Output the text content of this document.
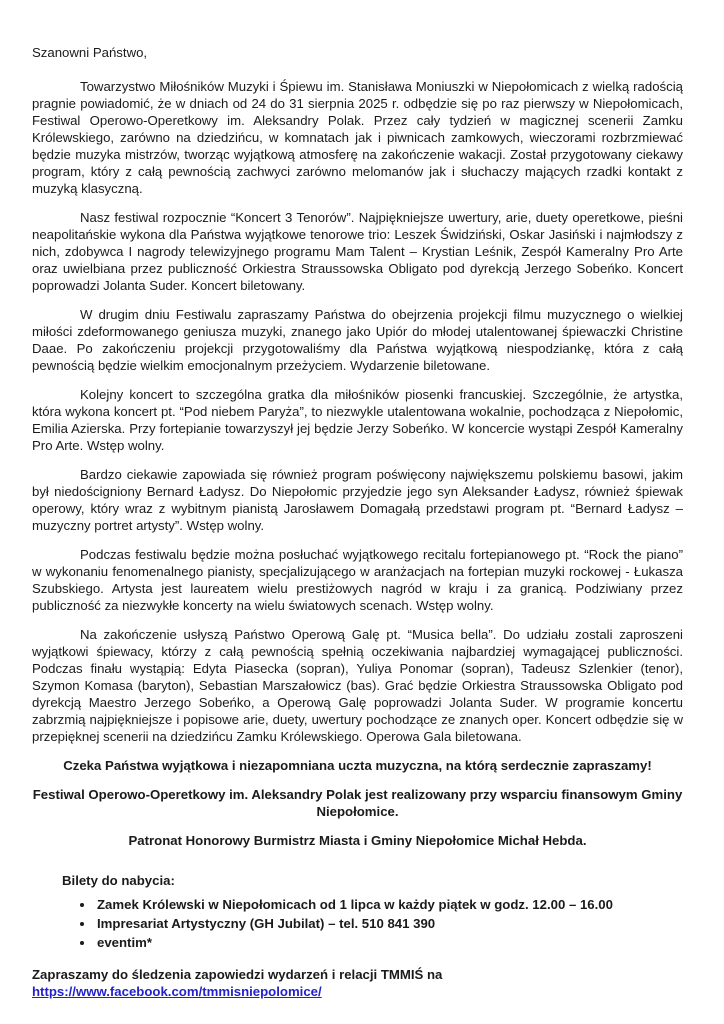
Szanowni Państwo,

Towarzystwo Miłośników Muzyki i Śpiewu im. Stanisława Moniuszki w Niepołomicach z wielką radością pragnie powiadomić, że w dniach od 24 do 31 sierpnia 2025 r. odbędzie się po raz pierwszy w Niepołomicach, Festiwal Operowo-Operetkowy im. Aleksandry Polak. Przez cały tydzień w magicznej scenerii Zamku Królewskiego, zarówno na dziedzińcu, w komnatach jak i piwnicach zamkowych, wieczorami rozbrzmiewać będzie muzyka mistrzów, tworząc wyjątkową atmosferę na zakończenie wakacji. Został przygotowany ciekawy program, który z całą pewnością zachwyci zarówno melomanów jak i słuchaczy mających rzadki kontakt z muzyką klasyczną.

Nasz festiwal rozpocznie “Koncert 3 Tenorów”. Najpiękniejsze uwertury, arie, duety operetkowe, pieśni neapolitańskie wykona dla Państwa wyjątkowe tenorowe trio: Leszek Świdziński, Oskar Jasiński i najmłodszy z nich, zdobywca I nagrody telewizyjnego programu Mam Talent – Krystian Leśnik, Zespół Kameralny Pro Arte oraz uwielbiana przez publiczność Orkiestra Straussowska Obligato pod dyrekcją Jerzego Sobeńko. Koncert poprowadzi Jolanta Suder. Koncert biletowany.

W drugim dniu Festiwalu zapraszamy Państwa do obejrzenia projekcji filmu muzycznego o wielkiej miłości zdeformowanego geniusza muzyki, znanego jako Upiór do młodej utalentowanej śpiewaczki Christine Daae. Po zakończeniu projekcji przygotowaliśmy dla Państwa wyjątkową niespodziankę, która z całą pewnością będzie wielkim emocjonalnym przeżyciem. Wydarzenie biletowane.

Kolejny koncert to szczególna gratka dla miłośników piosenki francuskiej. Szczególnie, że artystka, która wykona koncert pt. “Pod niebem Paryża”, to niezwykle utalentowana wokalnie, pochodząca z Niepołomic, Emilia Azierska. Przy fortepianie towarzyszył jej będzie Jerzy Sobeńko. W koncercie wystąpi Zespół Kameralny Pro Arte. Wstęp wolny.

Bardzo ciekawie zapowiada się również program poświęcony największemu polskiemu basowi, jakim był niedościgniony Bernard Ładysz. Do Niepołomic przyjedzie jego syn Aleksander Ładysz, również śpiewak operowy, który wraz z wybitnym pianistą Jarosławem Domagałą przedstawi program pt. “Bernard Ładysz – muzyczny portret artysty”. Wstęp wolny.

Podczas festiwalu będzie można posłuchać wyjątkowego recitalu fortepianowego pt. “Rock the piano” w wykonaniu fenomenalnego pianisty, specjalizującego w aranżacjach na fortepian muzyki rockowej - Łukasza Szubskiego. Artysta jest laureatem wielu prestiżowych nagród w kraju i za granicą. Podziwiany przez publiczność za niezwykłe koncerty na wielu światowych scenach. Wstęp wolny.

Na zakończenie usłyszą Państwo Operową Galę pt. “Musica bella”. Do udziału zostali zaproszeni wyjątkowi śpiewacy, którzy z całą pewnością spełnią oczekiwania najbardziej wymagającej publiczności. Podczas finału wystąpią: Edyta Piasecka (sopran), Yuliya Ponomar (sopran), Tadeusz Szlenkier (tenor), Szymon Komasa (baryton), Sebastian Marszałowicz (bas). Grać będzie Orkiestra Straussowska Obligato pod dyrekcją Maestro Jerzego Sobeńko, a Operową Galę poprowadzi Jolanta Suder. W programie koncertu zabrzmią najpiękniejsze i popisowe arie, duety, uwertury pochodzące ze znanych oper. Koncert odbędzie się w przepięknej scenerii na dziedzińcu Zamku Królewskiego. Operowa Gala biletowana.

Czeka Państwa wyjątkowa i niezapomniana uczta muzyczna, na którą serdecznie zapraszamy!

Festiwal Operowo-Operetkowy im. Aleksandry Polak jest realizowany przy wsparciu finansowym Gminy Niepołomice.

Patronat Honorowy Burmistrz Miasta i Gminy Niepołomice Michał Hebda.

Bilety do nabycia:

• Zamek Królewski w Niepołomicach od 1 lipca w każdy piątek w godz. 12.00 – 16.00
• Impresariat Artystyczny (GH Jubilat) – tel. 510 841 390
• eventim*

Zapraszamy do śledzenia zapowiedzi wydarzeń i relacji TMMIŚ na https://www.facebook.com/tmmisniepolomice/
